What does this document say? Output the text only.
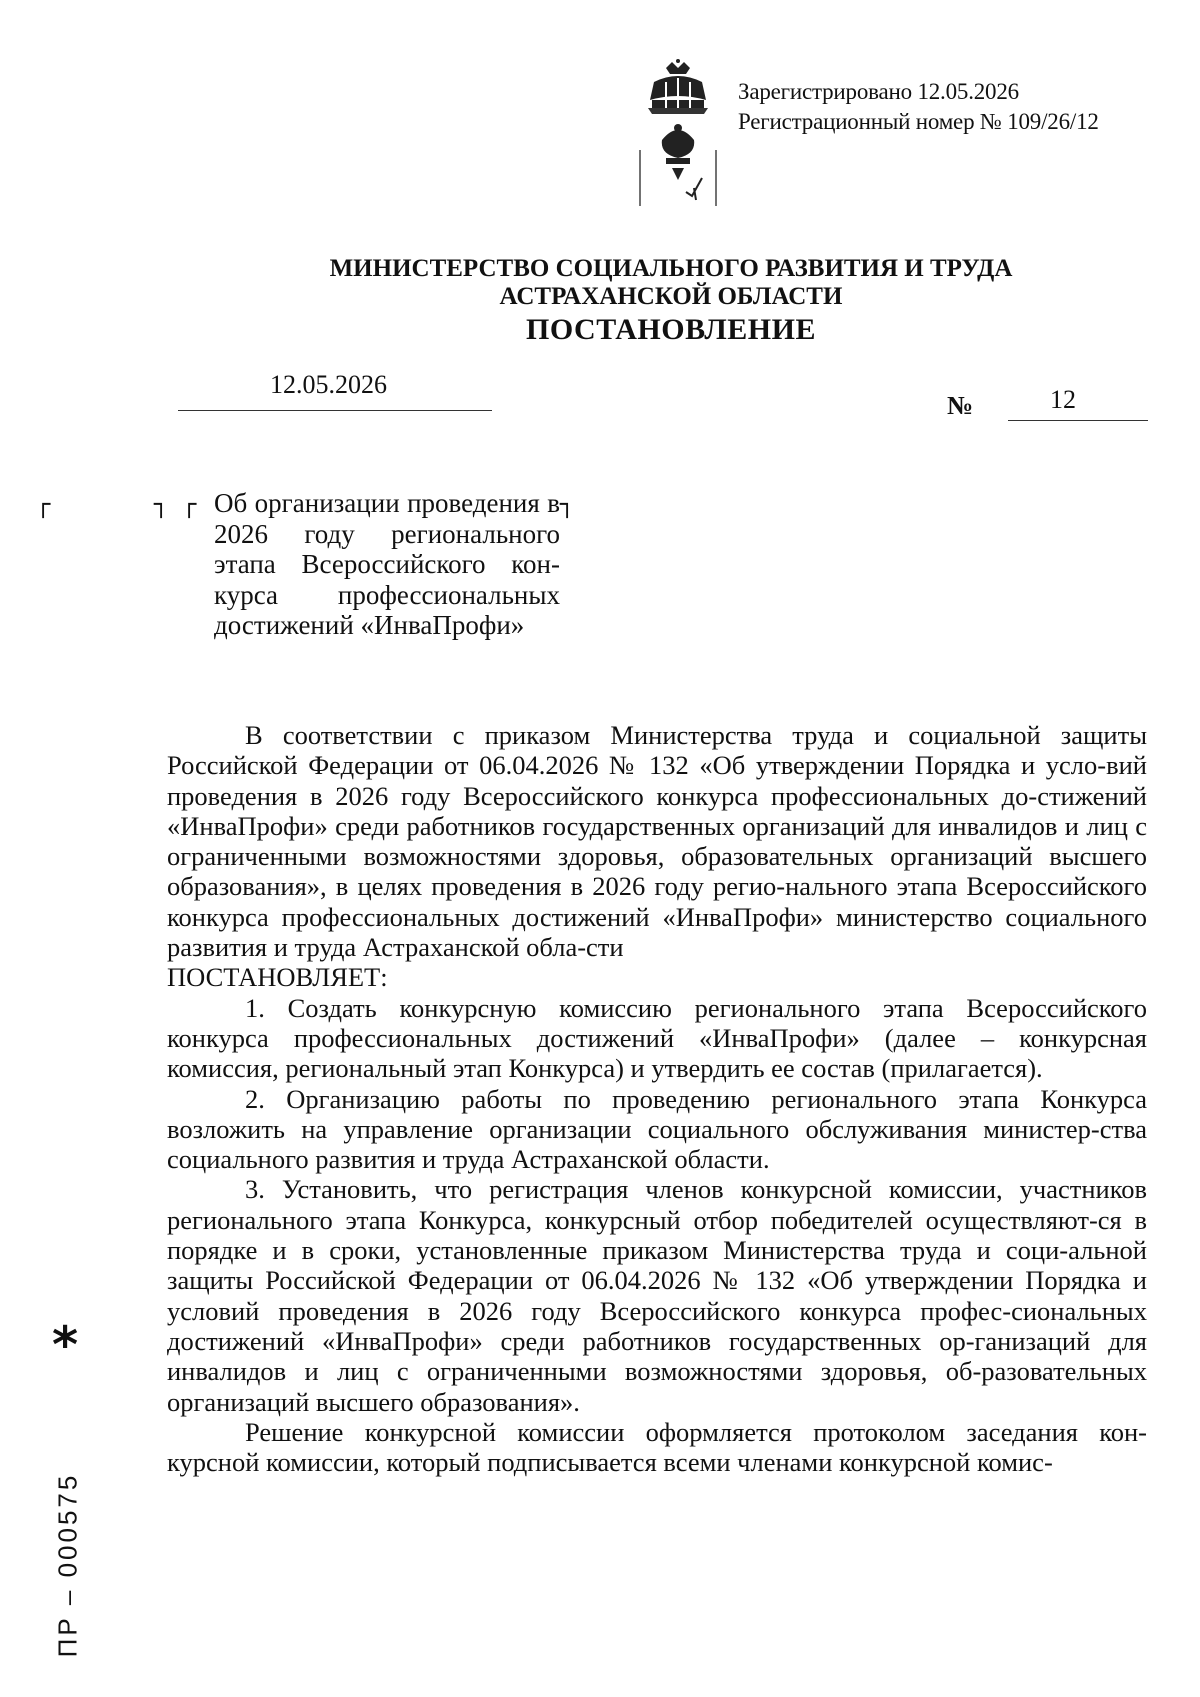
Зарегистрировано 12.05.2026
Регистрационный номер № 109/26/12
МИНИСТЕРСТВО СОЦИАЛЬНОГО РАЗВИТИЯ И ТРУДА
АСТРАХАНСКОЙ ОБЛАСТИ
ПОСТАНОВЛЕНИЕ
12.05.2026
№	12
┌	┐ ┌	┐
Об организации проведения в 2026 году регионального этапа Всероссийского кон-курса профессиональных достижений «ИнваПрофи»

В соответствии с приказом Министерства труда и социальной защиты Российской Федерации от 06.04.2026 № 132 «Об утверждении Порядка и усло-вий проведения в 2026 году Всероссийского конкурса профессиональных до-стижений «ИнваПрофи» среди работников государственных организаций для инвалидов и лиц с ограниченными возможностями здоровья, образовательных организаций высшего образования», в целях проведения в 2026 году регио-нального этапа Всероссийского конкурса профессиональных достижений «ИнваПрофи» министерство социального развития и труда Астраханской обла-сти

ПОСТАНОВЛЯЕТ:

1. Создать конкурсную комиссию регионального этапа Всероссийского конкурса профессиональных достижений «ИнваПрофи» (далее – конкурсная комиссия, региональный этап Конкурса) и утвердить ее состав (прилагается).

2. Организацию работы по проведению регионального этапа Конкурса возложить на управление организации социального обслуживания министер-ства социального развития и труда Астраханской области.

3. Установить, что регистрация членов конкурсной комиссии, участников регионального этапа Конкурса, конкурсный отбор победителей осуществляют-ся в порядке и в сроки, установленные приказом Министерства труда и соци-альной защиты Российской Федерации от 06.04.2026 № 132 «Об утверждении Порядка и условий проведения в 2026 году Всероссийского конкурса профес-сиональных достижений «ИнваПрофи» среди работников государственных ор-ганизаций для инвалидов и лиц с ограниченными возможностями здоровья, об-разовательных организаций высшего образования».

Решение конкурсной комиссии оформляется протоколом заседания кон-курсной комиссии, который подписывается всеми членами конкурсной комис-

*
ПР – 000575
